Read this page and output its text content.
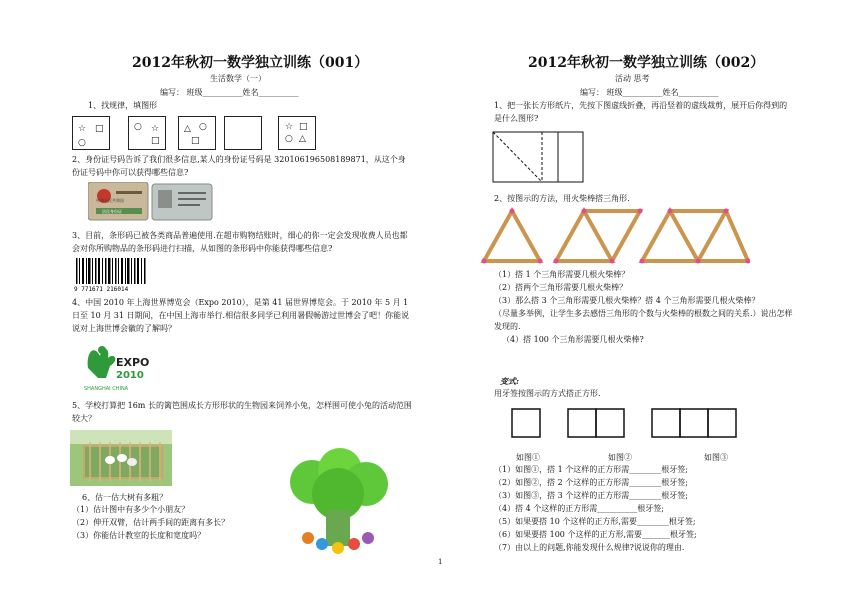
2012年秋初一数学独立训练（001）
生活数学（一）
编写： 班级__________姓名__________
1、找规律，填图形
☆ □
○
○ ☆
□
△ ○
□
☆ □
○ △
2、身份证号码告诉了我们很多信息,某人的身份证号码是 320106196508189871，从这个身份证号码中你可以获得哪些信息?
中华人民共和国
居民身份证
3、目前，条形码已被各类商品普遍使用.在超市购物结账时，细心的你一定会发现收费人员也都会对你所购物品的条形码进行扫描，从如图的条形码中你能获得哪些信息?
9 771671 216014
4、中国 2010 年上海世界博览会（Expo 2010），是第 41 届世界博览会。于 2010 年 5 月 1 日至 10 月 31 日期间，在中国上海市举行.相信很多同学已利用暑假畅游过世博会了吧！你能说说对上海世博会徽的了解吗？
EXPO
2010
SHANGHAI CHINA
5、学校打算把 16m 长的篱笆围成长方形形状的生物园来饲养小兔，怎样围可使小兔的活动范围较大？
6、估一估大树有多粗？
（1）估计图中有多少个小朋友？
（2）伸开双臂，估计两手间的距离有多长？
（3）你能估计教室的长度和宽度吗？
2012年秋初一数学独立训练（002）
活动 思考
编写： 班级__________姓名__________
1、把一张长方形纸片，先按下图虚线折叠，再沿竖着的虚线裁剪，展开后你得到的是什么图形?
2、按图示的方法，用火柴棒搭三角形.
（1）搭 1 个三角形需要几根火柴棒？
（2）搭两个三角形需要几根火柴棒？
（3）那么搭 3 个三角形需要几根火柴棒？搭 4 个三角形需要几根火柴棒？
（尽量多举例，让学生多去感悟三角形的个数与火柴棒的根数之间的关系.）说出怎样发现的.
（4）搭 100 个三角形需要几根火柴棒?
变式:
用牙签按图示的方式搭正方形.
如图①	如图②	如图③
（1）如图①，搭 1 个这样的正方形需________根牙签;
（2）如图②，搭 2 个这样的正方形需________根牙签;
（3）如图③，搭 3 个这样的正方形需________根牙签;
（4）搭 4 个这样的正方形需__________根牙签;
（5）如果要搭 10 个这样的正方形,需要________根牙签;
（6）如果要搭 100 个这样的正方形,需要_______根牙签;
（7）由以上的问题,你能发现什么规律?说说你的理由.
1
